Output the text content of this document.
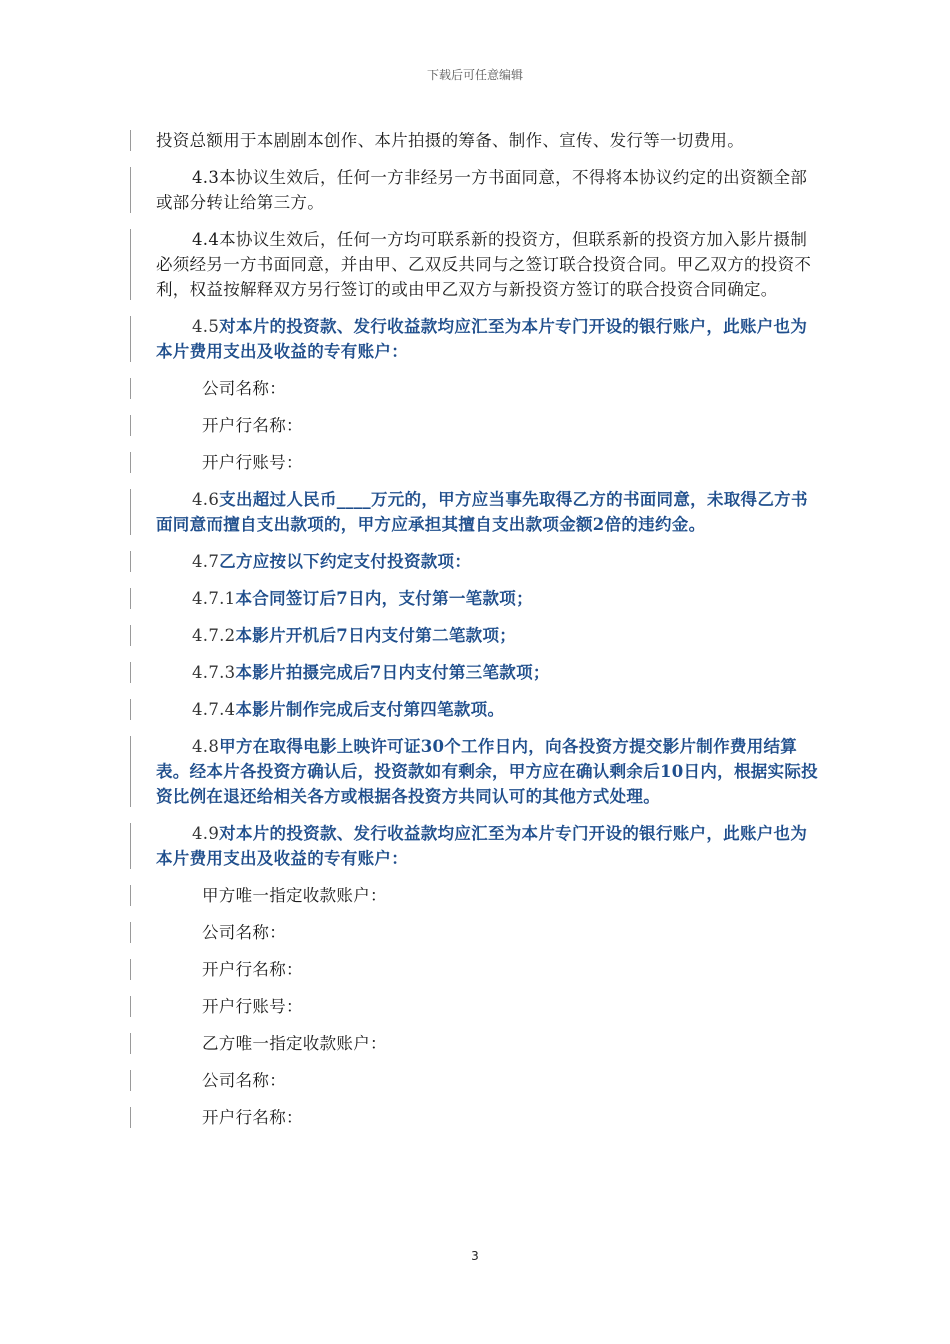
下载后可任意编辑
投资总额用于本剧剧本创作、本片拍摄的筹备、制作、宣传、发行等一切费用。
4.3本协议生效后，任何一方非经另一方书面同意，不得将本协议约定的出资额全部或部分转让给第三方。
4.4本协议生效后，任何一方均可联系新的投资方，但联系新的投资方加入影片摄制必须经另一方书面同意，并由甲、乙双反共同与之签订联合投资合同。甲乙双方的投资不利，权益按解释双方另行签订的或由甲乙双方与新投资方签订的联合投资合同确定。
4.5对本片的投资款、发行收益款均应汇至为本片专门开设的银行账户，此账户也为本片费用支出及收益的专有账户：
公司名称：
开户行名称：
开户行账号：
4.6支出超过人民币____万元的，甲方应当事先取得乙方的书面同意，未取得乙方书面同意而擅自支出款项的，甲方应承担其擅自支出款项金额2倍的违约金。
4.7乙方应按以下约定支付投资款项：
4.7.1本合同签订后7日内，支付第一笔款项；
4.7.2本影片开机后7日内支付第二笔款项；
4.7.3本影片拍摄完成后7日内支付第三笔款项；
4.7.4本影片制作完成后支付第四笔款项。
4.8甲方在取得电影上映许可证30个工作日内，向各投资方提交影片制作费用结算表。经本片各投资方确认后，投资款如有剩余，甲方应在确认剩余后10日内，根据实际投资比例在退还给相关各方或根据各投资方共同认可的其他方式处理。
4.9对本片的投资款、发行收益款均应汇至为本片专门开设的银行账户，此账户也为本片费用支出及收益的专有账户：
甲方唯一指定收款账户：
公司名称：
开户行名称：
开户行账号：
乙方唯一指定收款账户：
公司名称：
开户行名称：
3
